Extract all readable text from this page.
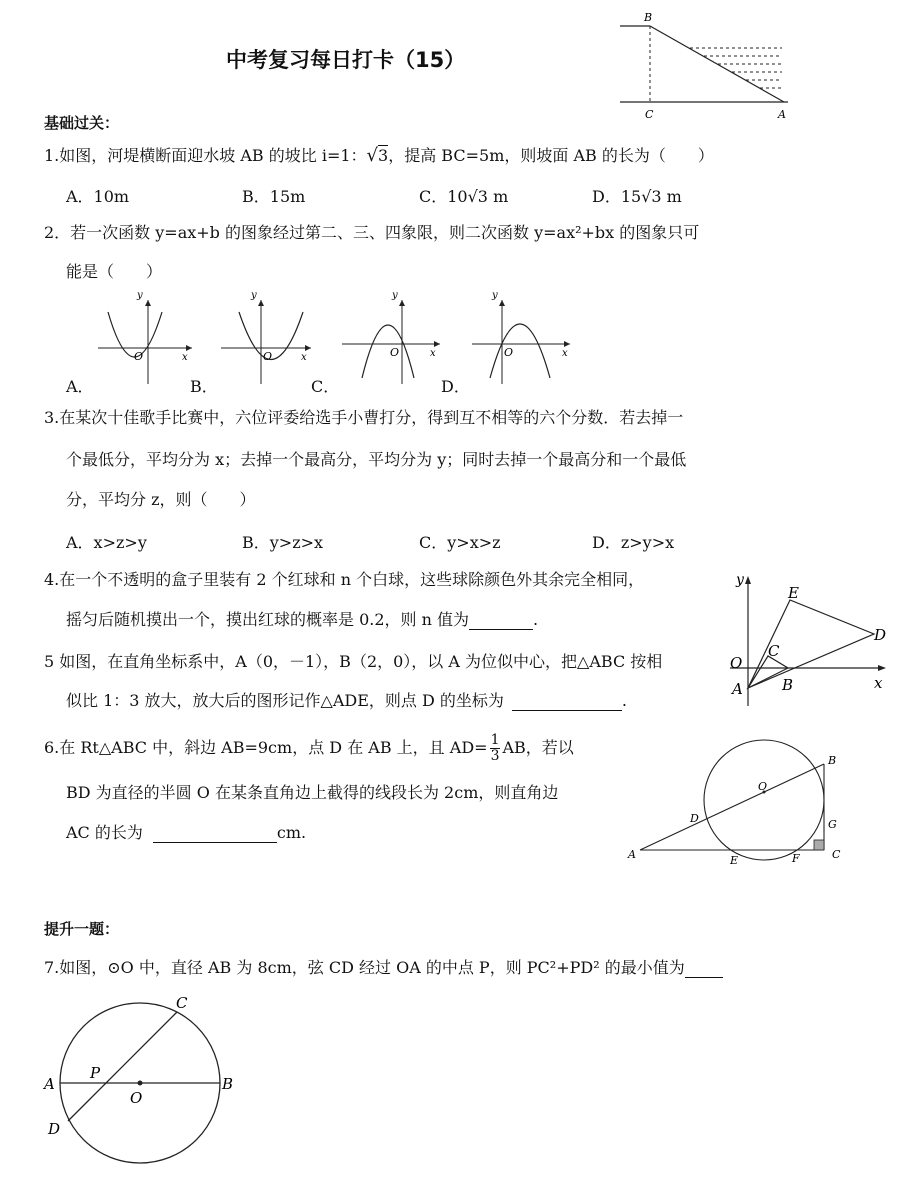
中考复习每日打卡（15）
B
C	A
基础过关：
1.如图，河堤横断面迎水坡 AB 的坡比 i=1：√3，提高 BC=5m，则坡面 AB 的长为（　　）
A．10m	B．15m	C．10√3 m	D．15√3 m
2．若一次函数 y=ax+b 的图象经过第二、三、四象限，则二次函数 y=ax²+bx 的图象只可
能是（　　）
y
x
O
y
x
O
y
x
O
y
x
O
A．	B．	C．	D．
3.在某次十佳歌手比赛中，六位评委给选手小曹打分，得到互不相等的六个分数．若去掉一
个最低分，平均分为 x；去掉一个最高分，平均分为 y；同时去掉一个最高分和一个最低
分，平均分 z，则（　　）
A．x>z>y	B．y>z>x	C．y>x>z	D．z>y>x
4.在一个不透明的盒子里装有 2 个红球和 n 个白球，这些球除颜色外其余完全相同，
摇匀后随机摸出一个，摸出红球的概率是 0.2，则 n 值为	.
y
x
O
A	B
C
D
E
5 如图，在直角坐标系中，A（0，－1），B（2，0），以 A 为位似中心，把△ABC 按相
似比 1：3 放大，放大后的图形记作△ADE，则点 D 的坐标为	.
6.在 Rt△ABC 中，斜边 AB=9cm，点 D 在 AB 上，且 $AD= \frac{1}{3}$ AB，若以
BD 为直径的半圆 O 在某条直角边上截得的线段长为 2cm，则直角边
AC 的长为	cm.
A
B
C
D
E	F
G
O
提升一题：
7.如图，⊙O 中，直径 AB 为 8cm，弦 CD 经过 OA 的中点 P，则 PC²+PD² 的最小值为
A	B
C
D
P
O
